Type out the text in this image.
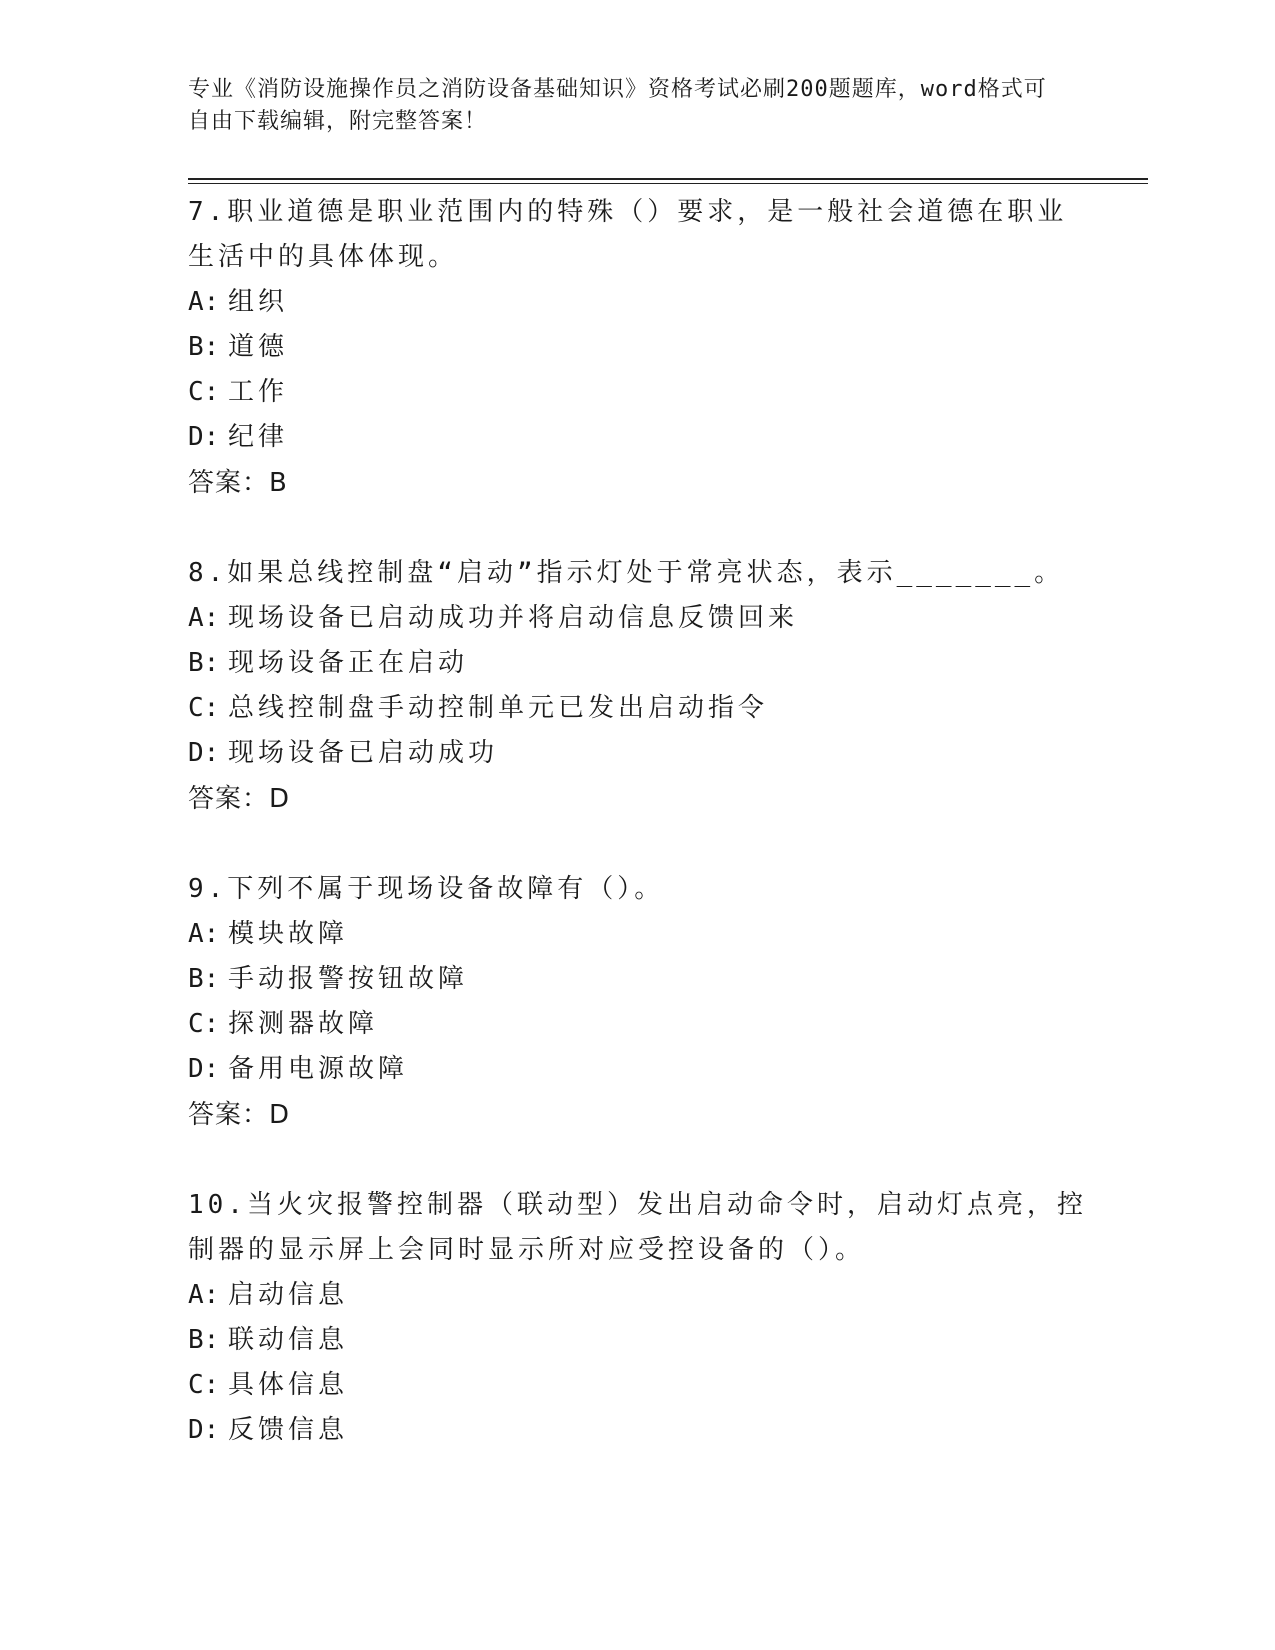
专业《消防设施操作员之消防设备基础知识》资格考试必刷200题题库，word格式可自由下载编辑，附完整答案！
7.职业道德是职业范围内的特殊（）要求，是一般社会道德在职业生活中的具体体现。
A: 组织
B: 道德
C: 工作
D: 纪律
答案：B
8.如果总线控制盘“启动”指示灯处于常亮状态，表示_______。
A: 现场设备已启动成功并将启动信息反馈回来
B: 现场设备正在启动
C: 总线控制盘手动控制单元已发出启动指令
D: 现场设备已启动成功
答案：D
9.下列不属于现场设备故障有（）。
A: 模块故障
B: 手动报警按钮故障
C: 探测器故障
D: 备用电源故障
答案：D
10.当火灾报警控制器（联动型）发出启动命令时，启动灯点亮，控制器的显示屏上会同时显示所对应受控设备的（）。
A: 启动信息
B: 联动信息
C: 具体信息
D: 反馈信息
